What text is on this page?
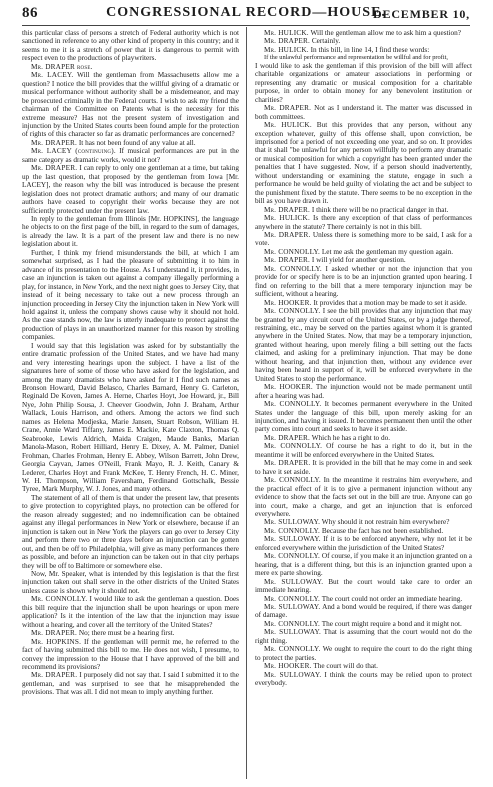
86	CONGRESSIONAL RECORD—HOUSE.
DECEMBER 10,

this particular class of persons a stretch of Federal authority which is not sanctioned in reference to any other kind of property in this country; and it seems to me it is a stretch of power that it is dangerous to permit with respect even to the productions of playwriters.

Mr. DRAPER rose.

Mr. LACEY. Will the gentleman from Massachusetts allow me a question? I notice the bill provides that the willful giving of a dramatic or musical performance without authority shall be a misdemeanor, and may be prosecuted criminally in the Federal courts. I wish to ask my friend the chairman of the Committee on Patents what is the necessity for this extreme measure? Has not the present system of investigation and injunction by the United States courts been found ample for the protection of rights of this character so far as dramatic performances are concerned?

Mr. DRAPER. It has not been found of any value at all.

Mr. LACEY (continuing). If musical performances are put in the same category as dramatic works, would it not?

Mr. DRAPER. I can reply to only one gentleman at a time, but taking up the last question, that proposed by the gentleman from Iowa [Mr. LACEY], the reason why the bill was introduced is because the present legislation does not protect dramatic authors; and many of our dramatic authors have ceased to copyright their works because they are not sufficiently protected under the present law.

In reply to the gentleman from Illinois [Mr. HOPKINS], the language he objects to on the first page of the bill, in regard to the sum of damages, is already the law. It is a part of the present law and there is no new legislation about it.

Further, I think my friend misunderstands the bill, at which I am somewhat surprised, as I had the pleasure of submitting it to him in advance of its presentation to the House. As I understand it, it provides, in case an injunction is taken out against a company illegally performing a play, for instance, in New York, and the next night goes to Jersey City, that instead of it being necessary to take out a new process through an injunction proceeding in Jersey City the injunction taken in New York will hold against it, unless the company shows cause why it should not hold. As the case stands now, the law is utterly inadequate to protect against the production of plays in an unauthorized manner for this reason by strolling companies.

I would say that this legislation was asked for by substantially the entire dramatic profession of the United States, and we have had many and very interesting hearings upon the subject. I have a list of the signatures here of some of those who have asked for the legislation, and among the many dramatists who have asked for it I find such names as Bronson Howard, David Belasco, Charles Barnard, Henry G. Carleton, Reginald De Koven, James A. Herne, Charles Hoyt, Joe Howard, jr., Bill Nye, John Philip Sousa, J. Cheever Goodwin, John J. Braham, Arthur Wallack, Louis Harrison, and others. Among the actors we find such names as Helena Modjeska, Marie Jansen, Stuart Robson, William H. Crane, Annie Ward Tiffany, James E. Mackie, Kate Claxton, Thomas Q. Seabrooke, Lewis Aldrich, Maida Craigen, Maude Banks, Marian Manola-Mason, Robert Hilliard, Henry E. Dixey, A. M. Palmer, Daniel Frohman, Charles Frohman, Henry E. Abbey, Wilson Barrett, John Drew, Georgia Cayvan, James O'Neill, Frank Mayo, R. J. Keith, Canary & Lederer, Charles Hoyt and Frank McKee, T. Henry French, H. C. Miner, W. H. Thompson, William Faversham, Ferdinand Gottschalk, Bessie Tyree, Mark Murphy, W. J. Jones, and many others.

The statement of all of them is that under the present law, that presents to give protection to copyrighted plays, no protection can be offered for the reason already suggested; and no indemnification can be obtained against any illegal performances in New York or elsewhere, because if an injunction is taken out in New York the players can go over to Jersey City and perform there two or three days before an injunction can be gotten out, and then be off to Philadelphia, will give as many performances there as possible, and before an injunction can be taken out in that city perhaps they will be off to Baltimore or somewhere else.

Now, Mr. Speaker, what is intended by this legislation is that the first injunction taken out shall serve in the other districts of the United States unless cause is shown why it should not.

Mr. CONNOLLY. I would like to ask the gentleman a question. Does this bill require that the injunction shall be upon hearings or upon mere application? Is it the intention of the law that the injunction may issue without a hearing, and cover all the territory of the United States?

Mr. DRAPER. No; there must be a hearing first.

Mr. HOPKINS. If the gentleman will permit me, he referred to the fact of having submitted this bill to me. He does not wish, I presume, to convey the impression to the House that I have approved of the bill and recommend its provisions?

Mr. DRAPER. I purposely did not say that. I said I submitted it to the gentleman, and was surprised to see that he misapprehended the provisions. That was all. I did not mean to imply anything further.

Mr. HULICK. Will the gentleman allow me to ask him a question?

Mr. DRAPER. Certainly.

Mr. HULICK. In this bill, in line 14, I find these words:

If the unlawful performance and representation be willful and for profit,

I would like to ask the gentleman if this provision of the bill will affect charitable organizations or amateur associations in performing or representing any dramatic or musical composition for a charitable purpose, in order to obtain money for any benevolent institution or charities?

Mr. DRAPER. Not as I understand it. The matter was discussed in both committees.

Mr. HULICK. But this provides that any person, without any exception whatever, guilty of this offense shall, upon conviction, be imprisoned for a period of not exceeding one year, and so on. It provides that it shall "be unlawful for any person willfully to perform any dramatic or musical composition for which a copyright has been granted under the penalties that I have suggested. Now, if a person should inadvertently, without understanding or examining the statute, engage in such a performance he would be held guilty of violating the act and be subject to the punishment fixed by the statute. There seems to be no exception in the bill as you have drawn it.

Mr. DRAPER. I think there will be no practical danger in that.

Mr. HULICK. Is there any exception of that class of performances anywhere in the statute? There certainly is not in this bill.

Mr. DRAPER. Unless there is something more to be said, I ask for a vote.

Mr. CONNOLLY. Let me ask the gentleman my question again.

Mr. DRAPER. I will yield for another question.

Mr. CONNOLLY. I asked whether or not the injunction that you provide for or specify here is to be an injunction granted upon hearing. I find on referring to the bill that a mere temporary injunction may be sufficient, without a hearing.

Mr. HOOKER. It provides that a motion may be made to set it aside.

Mr. CONNOLLY. I see the bill provides that any injunction that may be granted by any circuit court of the United States, or by a judge thereof, restraining, etc., may be served on the parties against whom it is granted anywhere in the United States. Now, that may be a temporary injunction, granted without hearing, upon merely filing a bill setting out the facts claimed, and asking for a preliminary injunction. That may be done without hearing, and that injunction then, without any evidence ever having been heard in support of it, will be enforced everywhere in the United States to stop the performance.

Mr. HOOKER. The injunction would not be made permanent until after a hearing was had.

Mr. CONNOLLY. It becomes permanent everywhere in the United States under the language of this bill, upon merely asking for an injunction, and having it issued. It becomes permanent then until the other party comes into court and seeks to have it set aside.

Mr. DRAPER. Which he has a right to do.

Mr. CONNOLLY. Of course he has a right to do it, but in the meantime it will be enforced everywhere in the United States.

Mr. DRAPER. It is provided in the bill that he may come in and seek to have it set aside.

Mr. CONNOLLY. In the meantime it restrains him everywhere, and the practical effect of it is to give a permanent injunction without any evidence to show that the facts set out in the bill are true. Anyone can go into court, make a charge, and get an injunction that is enforced everywhere.

Mr. SULLOWAY. Why should it not restrain him everywhere?

Mr. CONNOLLY. Because the fact has not been established.

Mr. SULLOWAY. If it is to be enforced anywhere, why not let it be enforced everywhere within the jurisdiction of the United States?

Mr. CONNOLLY. Of course, if you make it an injunction granted on a hearing, that is a different thing, but this is an injunction granted upon a mere ex parte showing.

Mr. SULLOWAY. But the court would take care to order an immediate hearing.

Mr. CONNOLLY. The court could not order an immediate hearing.

Mr. SULLOWAY. And a bond would be required, if there was danger of damage.

Mr. CONNOLLY. The court might require a bond and it might not.

Mr. SULLOWAY. That is assuming that the court would not do the right thing.

Mr. CONNOLLY. We ought to require the court to do the right thing to protect the parties.

Mr. HOOKER. The court will do that.

Mr. SULLOWAY. I think the courts may be relied upon to protect everybody.
